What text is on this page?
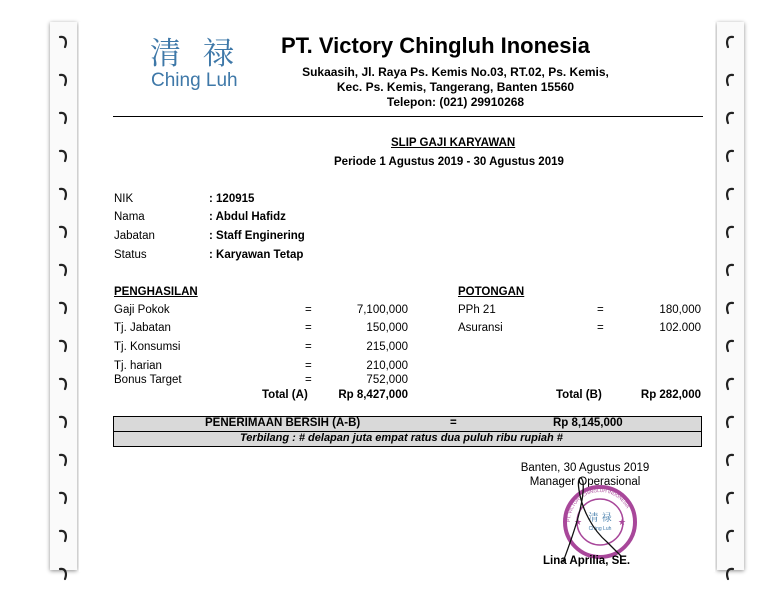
清 禄
Ching Luh
PT. Victory Chingluh Inonesia
Sukaasih, Jl. Raya Ps. Kemis No.03, RT.02, Ps. Kemis,
Kec. Ps. Kemis, Tangerang, Banten 15560
Telepon: (021) 29910268
SLIP GAJI KARYAWAN
Periode 1 Agustus 2019 - 30 Agustus 2019
NIK	: 120915
Nama	: Abdul Hafidz
Jabatan	: Staff Enginering
Status	: Karyawan Tetap
PENGHASILAN
Gaji Pokok	=	7,100,000
Tj. Jabatan	=	150,000
Tj. Konsumsi	=	215,000
Tj. harian	=	210,000
Bonus Target	=	752,000
Total (A)	Rp 8,427,000
POTONGAN
PPh 21	=	180,000
Asuransi	=	102.000
Total (B)	Rp 282,000
PENERIMAAN BERSIH (A-B)	=	Rp 8,145,000
Terbilang : # delapan juta empat ratus dua puluh ribu rupiah #
Banten, 30 Agustus 2019
Manager Operasional
PT. VICTORY CHINGLUH INDONESIA
★	★
清 禄
Ching Luh
Lina Aprilia, SE.
